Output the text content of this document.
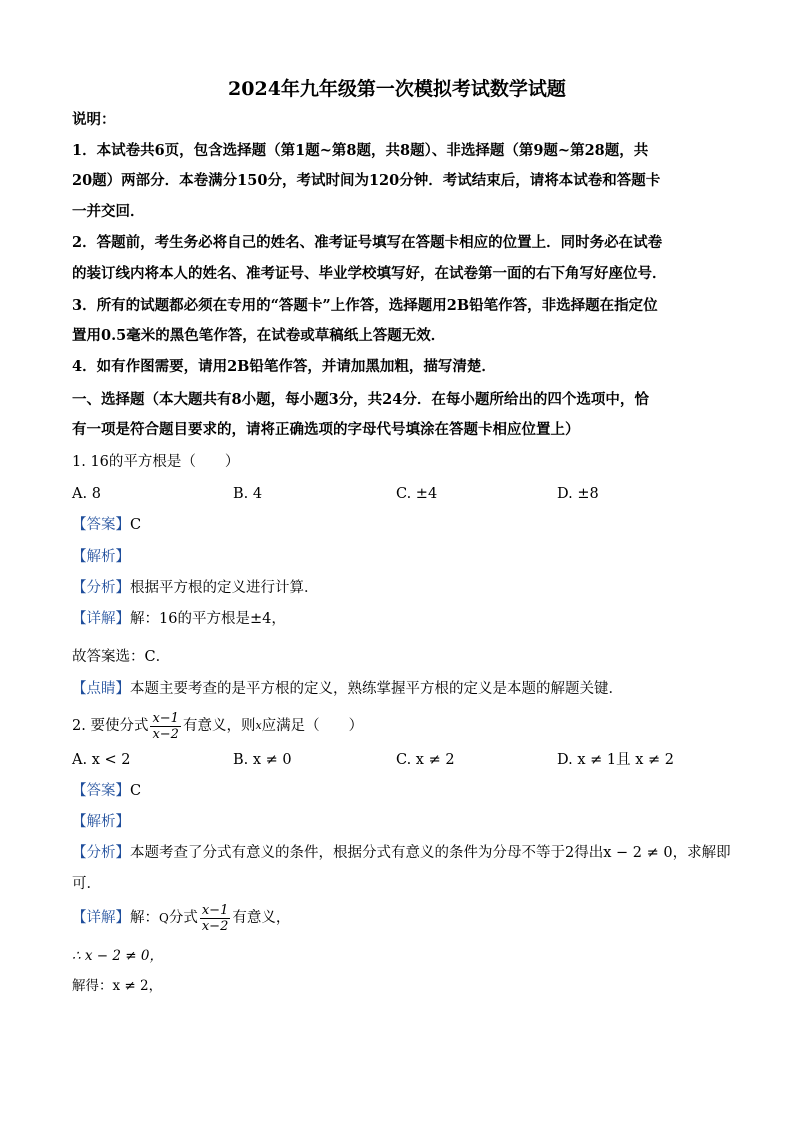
2024年九年级第一次模拟考试数学试题
说明：
1．本试卷共6页，包含选择题（第1题~第8题，共8题）、非选择题（第9题~第28题，共
20题）两部分．本卷满分150分，考试时间为120分钟．考试结束后，请将本试卷和答题卡
一并交回．
2．答题前，考生务必将自己的姓名、准考证号填写在答题卡相应的位置上．同时务必在试卷
的装订线内将本人的姓名、准考证号、毕业学校填写好，在试卷第一面的右下角写好座位号．
3．所有的试题都必须在专用的“答题卡”上作答，选择题用2B铅笔作答，非选择题在指定位
置用0.5毫米的黑色笔作答，在试卷或草稿纸上答题无效．
4．如有作图需要，请用2B铅笔作答，并请加黑加粗，描写清楚．
一、选择题（本大题共有8小题，每小题3分，共24分．在每小题所给出的四个选项中，恰
有一项是符合题目要求的，请将正确选项的字母代号填涂在答题卡相应位置上）
1. 16的平方根是（　　）
A. 8	B. 4	C. ±4	D. ±8
【答案】C
【解析】
【分析】根据平方根的定义进行计算．
【详解】解：16的平方根是±4，
故答案选：C．
【点睛】本题主要考查的是平方根的定义，熟练掌握平方根的定义是本题的解题关键．
2. 要使分式 $\frac{x-1}{x-2}$ 有意义，则$^x$应满足（　　）
A. x < 2	B. x ≠ 0	C. x ≠ 2	D. x ≠ 1且 x ≠ 2
【答案】C
【解析】
【分析】本题考查了分式有意义的条件，根据分式有意义的条件为分母不等于2得出x − 2 ≠ 0，求解即
可．
【详解】解：Q分式 $\frac{x-1}{x-2}$ 有意义，
∴ x − 2 ≠ 0，
解得：x ≠ 2，
